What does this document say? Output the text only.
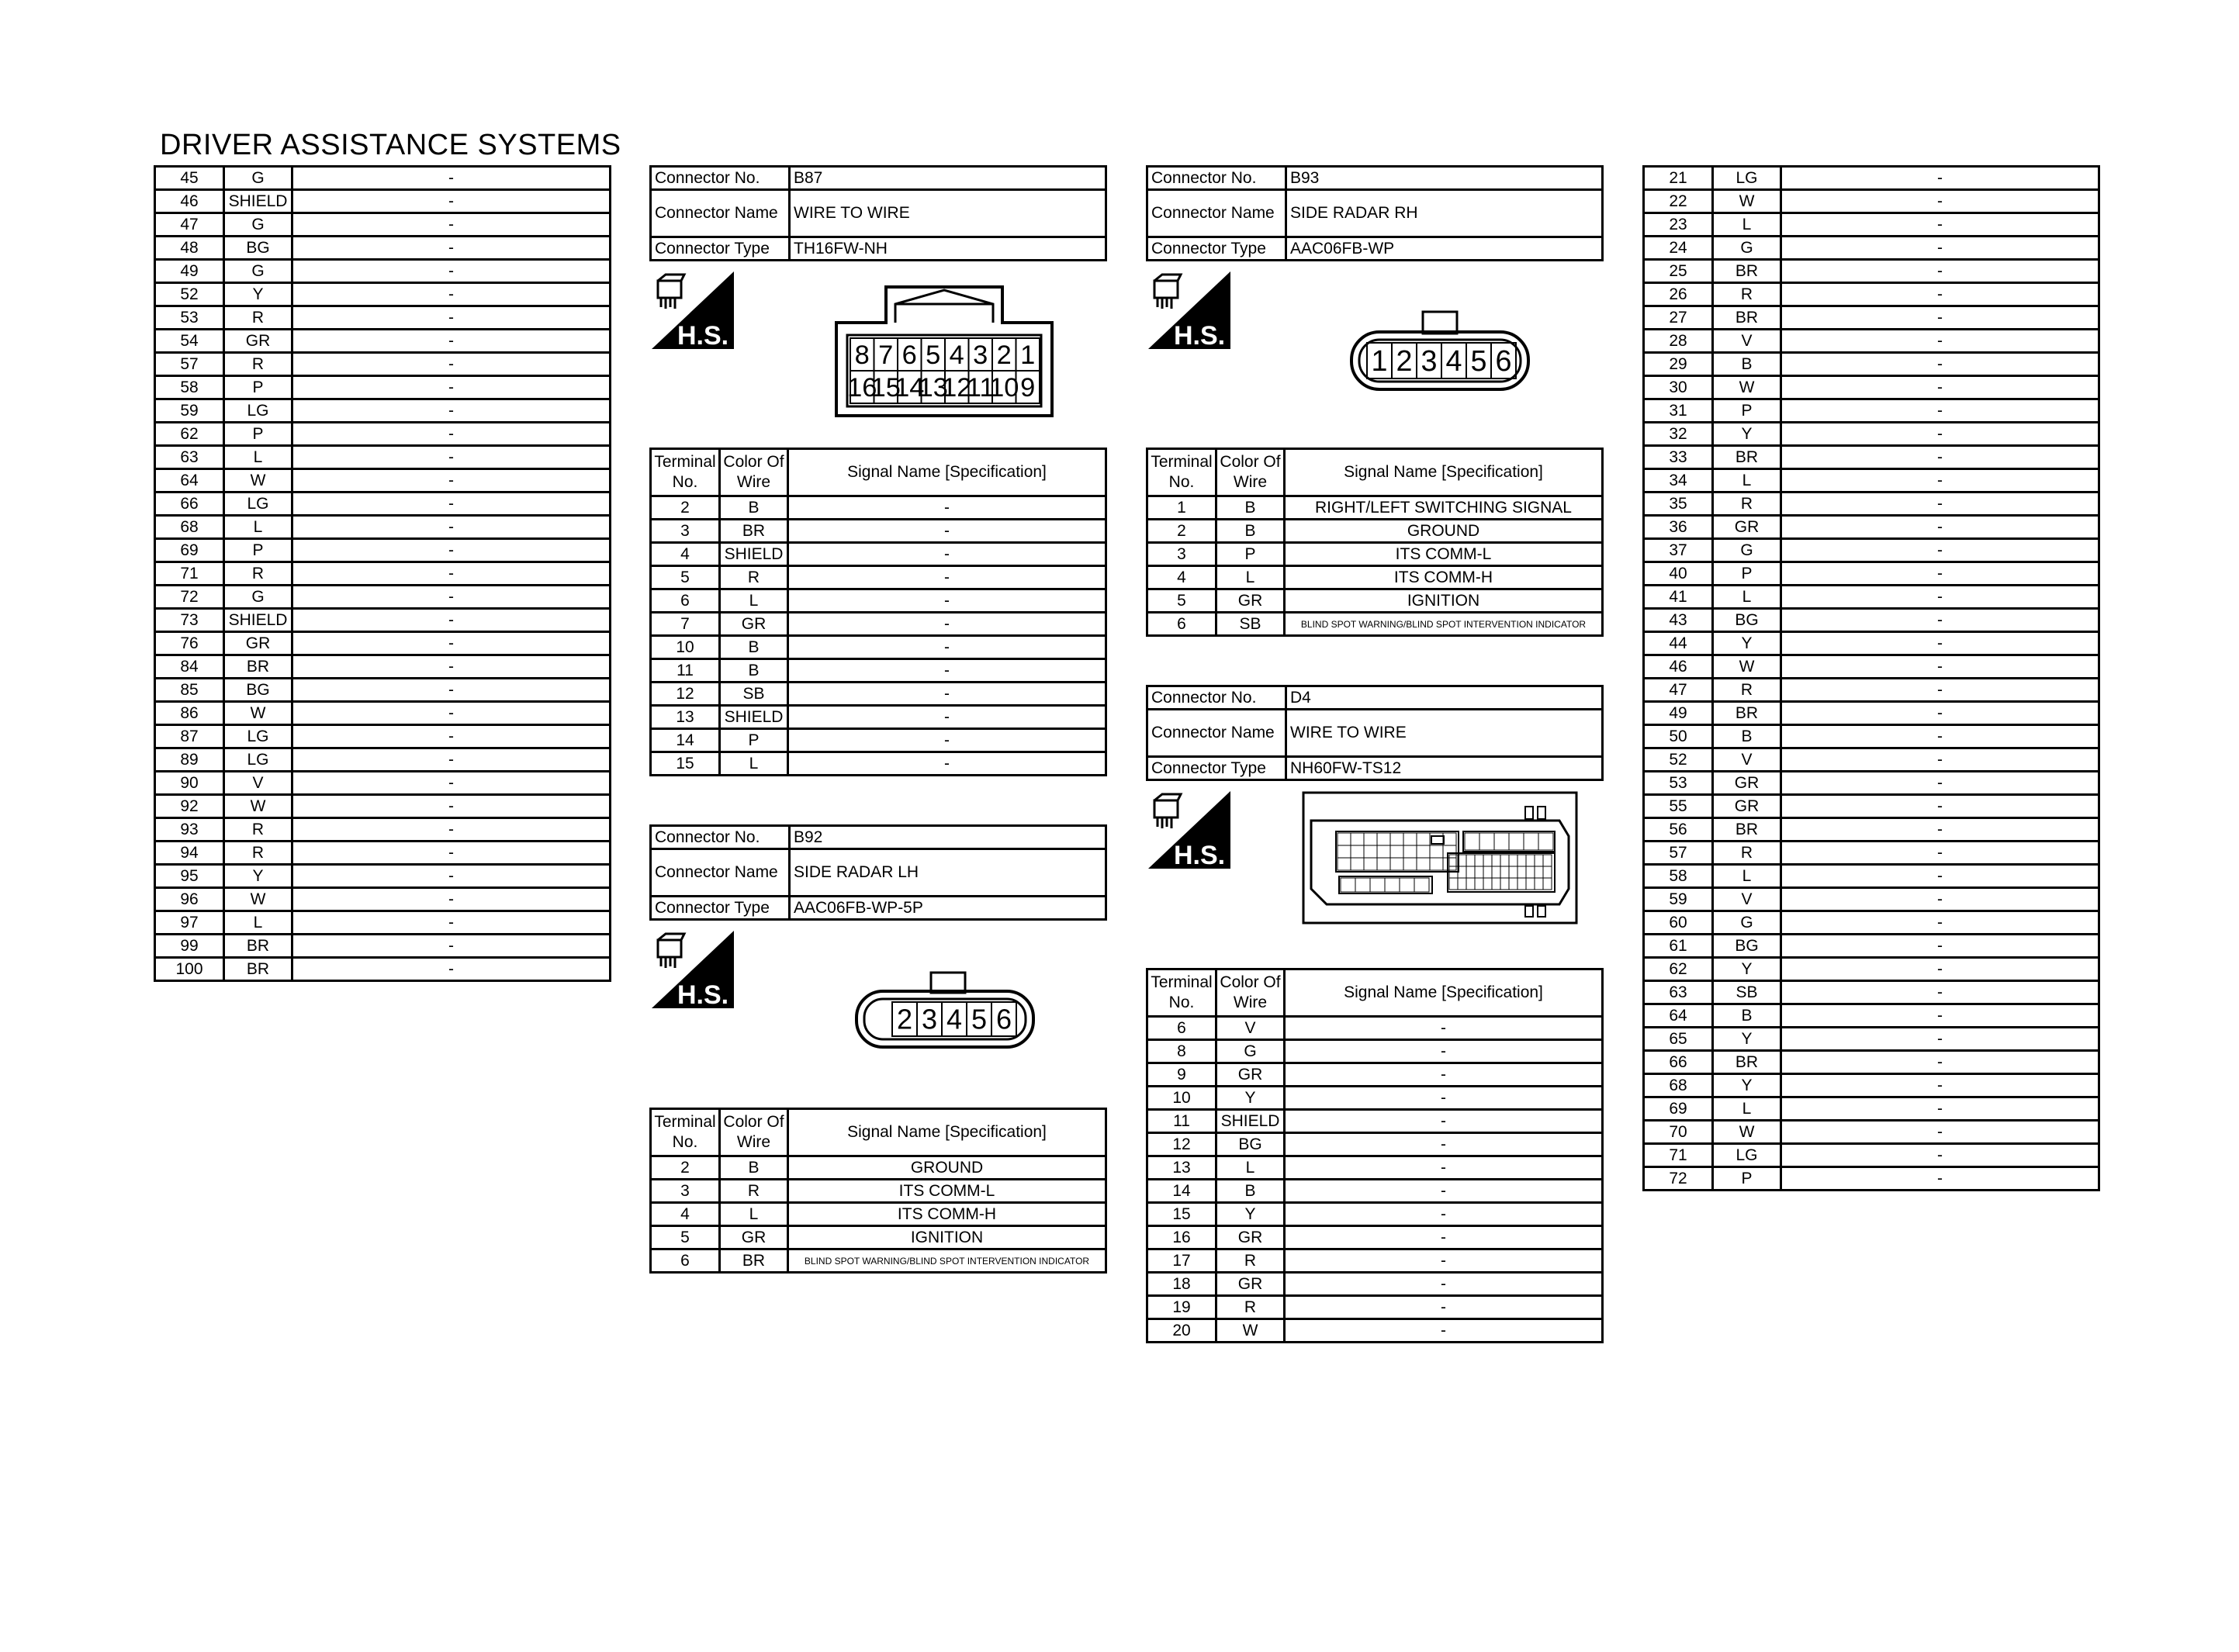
DRIVER ASSISTANCE SYSTEMS
45	G	-
46	SHIELD	-
47	G	-
48	BG	-
49	G	-
52	Y	-
53	R	-
54	GR	-
57	R	-
58	P	-
59	LG	-
62	P	-
63	L	-
64	W	-
66	LG	-
68	L	-
69	P	-
71	R	-
72	G	-
73	SHIELD	-
76	GR	-
84	BR	-
85	BG	-
86	W	-
87	LG	-
89	LG	-
90	V	-
92	W	-
93	R	-
94	R	-
95	Y	-
96	W	-
97	L	-
99	BR	-
100	BR	-
Connector No.	B87
Connector Name	WIRE TO WIRE
Connector Type	TH16FW-NH
H.S.
8 7 6 5 4 3 2 1
16
15
14
13
12
11
10 9
Terminal No.	Color Of Wire	Signal Name [Specification]
2	B	-
3	BR	-
4	SHIELD	-
5	R	-
6	L	-
7	GR	-
10	B	-
11	B	-
12	SB	-
13	SHIELD	-
14	P	-
15	L	-
Connector No.	B92
Connector Name	SIDE RADAR LH
Connector Type	AAC06FB-WP-5P
H.S.
2 3 4 5 6
Terminal No.	Color Of Wire	Signal Name [Specification]
2	B	GROUND
3	R	ITS COMM-L
4	L	ITS COMM-H
5	GR	IGNITION
6	BR	BLIND SPOT WARNING/BLIND SPOT INTERVENTION INDICATOR
Connector No.	B93
Connector Name	SIDE RADAR RH
Connector Type	AAC06FB-WP
H.S.
1 2 3 4 5 6
Terminal No.	Color Of Wire	Signal Name [Specification]
1	B	RIGHT/LEFT SWITCHING SIGNAL
2	B	GROUND
3	P	ITS COMM-L
4	L	ITS COMM-H
5	GR	IGNITION
6	SB	BLIND SPOT WARNING/BLIND SPOT INTERVENTION INDICATOR
Connector No.	D4
Connector Name	WIRE TO WIRE
Connector Type	NH60FW-TS12
H.S.
Terminal No.	Color Of Wire	Signal Name [Specification]
6	V	-
8	G	-
9	GR	-
10	Y	-
11	SHIELD	-
12	BG	-
13	L	-
14	B	-
15	Y	-
16	GR	-
17	R	-
18	GR	-
19	R	-
20	W	-
21	LG	-
22	W	-
23	L	-
24	G	-
25	BR	-
26	R	-
27	BR	-
28	V	-
29	B	-
30	W	-
31	P	-
32	Y	-
33	BR	-
34	L	-
35	R	-
36	GR	-
37	G	-
40	P	-
41	L	-
43	BG	-
44	Y	-
46	W	-
47	R	-
49	BR	-
50	B	-
52	V	-
53	GR	-
55	GR	-
56	BR	-
57	R	-
58	L	-
59	V	-
60	G	-
61	BG	-
62	Y	-
63	SB	-
64	B	-
65	Y	-
66	BR	-
68	Y	-
69	L	-
70	W	-
71	LG	-
72	P	-
